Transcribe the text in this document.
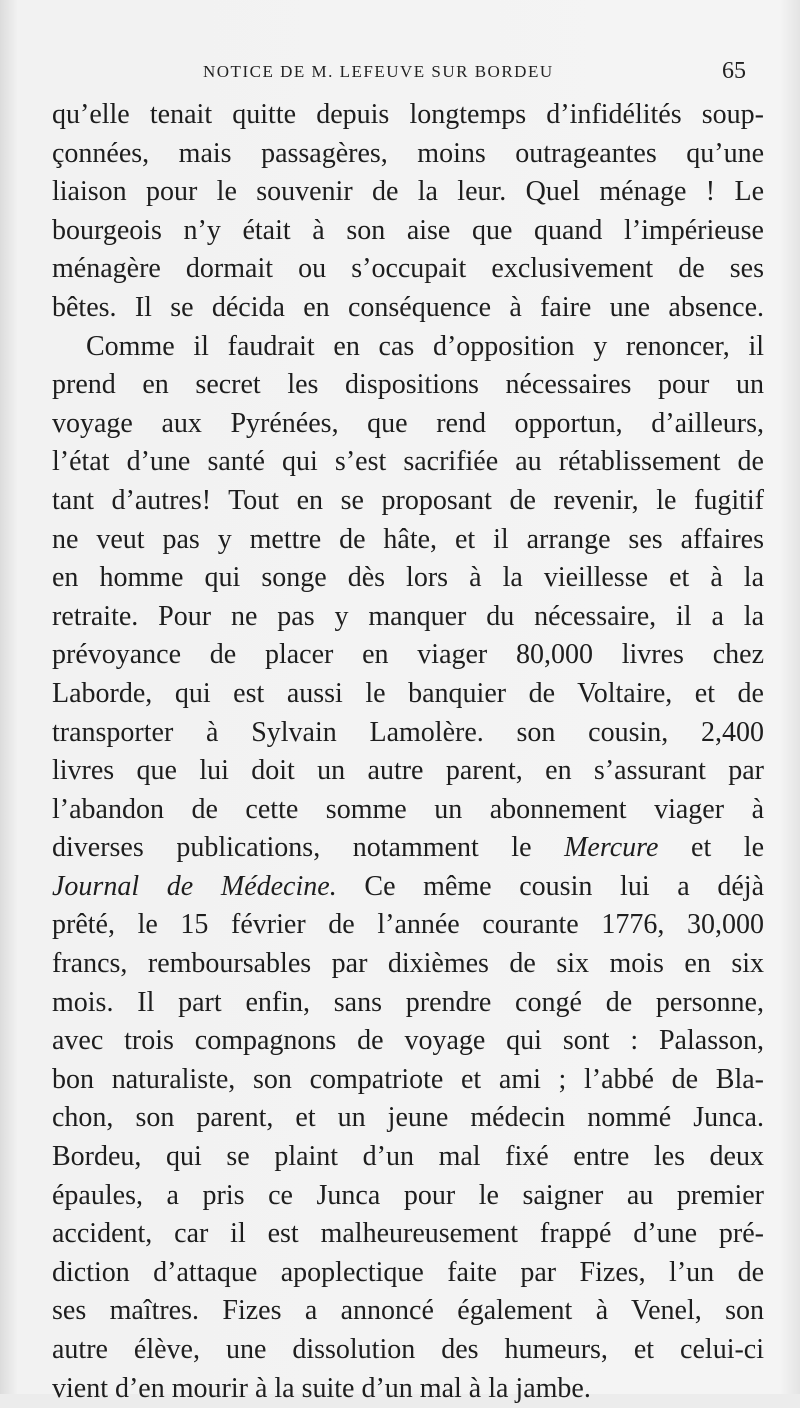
NOTICE DE M. LEFEUVE SUR BORDEU	65
qu’elle tenait quitte depuis longtemps d’infidélités soup-
çonnées, mais passagères, moins outrageantes qu’une
liaison pour le souvenir de la leur. Quel ménage ! Le
bourgeois n’y était à son aise que quand l’impérieuse
ménagère dormait ou s’occupait exclusivement de ses
bêtes. Il se décida en conséquence à faire une absence.
Comme il faudrait en cas d’opposition y renoncer, il
prend en secret les dispositions nécessaires pour un
voyage aux Pyrénées, que rend opportun, d’ailleurs,
l’état d’une santé qui s’est sacrifiée au rétablissement de
tant d’autres! Tout en se proposant de revenir, le fugitif
ne veut pas y mettre de hâte, et il arrange ses affaires
en homme qui songe dès lors à la vieillesse et à la
retraite. Pour ne pas y manquer du nécessaire, il a la
prévoyance de placer en viager 80,000 livres chez
Laborde, qui est aussi le banquier de Voltaire, et de
transporter à Sylvain Lamolère. son cousin, 2,400
livres que lui doit un autre parent, en s’assurant par
l’abandon de cette somme un abonnement viager à
diverses publications, notamment le Mercure et le
Journal de Médecine. Ce même cousin lui a déjà
prêté, le 15 février de l’année courante 1776, 30,000
francs, remboursables par dixièmes de six mois en six
mois. Il part enfin, sans prendre congé de personne,
avec trois compagnons de voyage qui sont : Palasson,
bon naturaliste, son compatriote et ami ; l’abbé de Bla-
chon, son parent, et un jeune médecin nommé Junca.
Bordeu, qui se plaint d’un mal fixé entre les deux
épaules, a pris ce Junca pour le saigner au premier
accident, car il est malheureusement frappé d’une pré-
diction d’attaque apoplectique faite par Fizes, l’un de
ses maîtres. Fizes a annoncé également à Venel, son
autre élève, une dissolution des humeurs, et celui-ci
vient d’en mourir à la suite d’un mal à la jambe.
